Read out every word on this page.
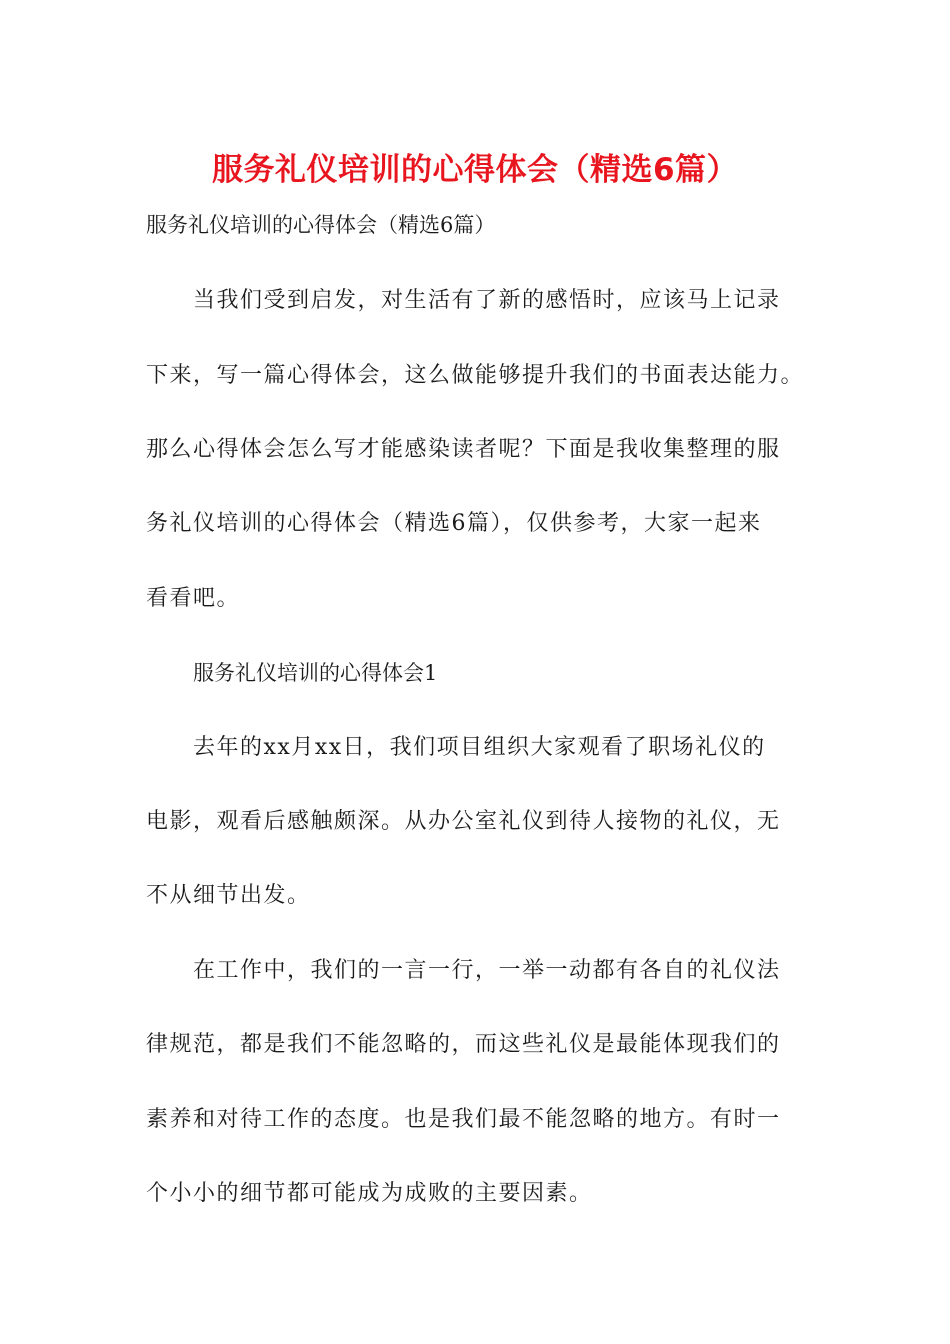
服务礼仪培训的心得体会（精选6篇）
服务礼仪培训的心得体会（精选6篇）
当我们受到启发，对生活有了新的感悟时，应该马上记录
下来，写一篇心得体会，这么做能够提升我们的书面表达能力。
那么心得体会怎么写才能感染读者呢？下面是我收集整理的服
务礼仪培训的心得体会（精选6篇），仅供参考，大家一起来
看看吧。
服务礼仪培训的心得体会1
去年的xx月xx日，我们项目组织大家观看了职场礼仪的
电影，观看后感触颇深。从办公室礼仪到待人接物的礼仪，无
不从细节出发。
在工作中，我们的一言一行，一举一动都有各自的礼仪法
律规范，都是我们不能忽略的，而这些礼仪是最能体现我们的
素养和对待工作的态度。也是我们最不能忽略的地方。有时一
个小小的细节都可能成为成败的主要因素。
